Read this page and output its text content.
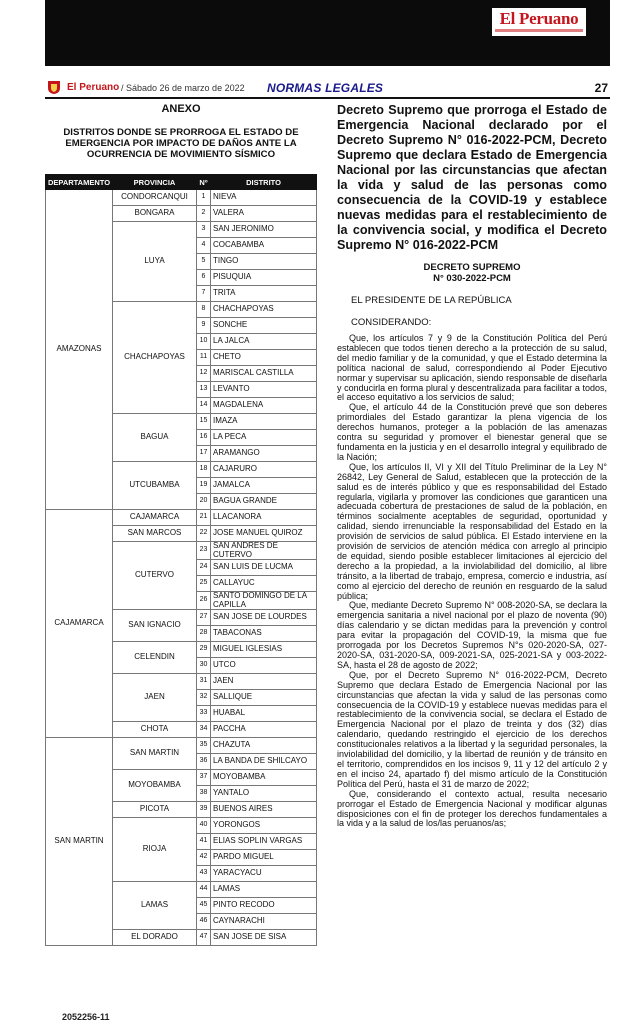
El Peruano
El Peruano / Sábado 26 de marzo de 2022 NORMAS LEGALES	27
ANEXO
DISTRITOS DONDE SE PRORROGA EL ESTADO DE EMERGENCIA POR IMPACTO DE DAÑOS ANTE LA OCURRENCIA DE MOVIMIENTO SÍSMICO
DEPARTAMENTO	PROVINCIA	Nº	DISTRITO
AMAZONAS	CONDORCANQUI	1	NIEVA
	BONGARA	2	VALERA
	LUYA	3	SAN JERONIMO
		4	COCABAMBA
		5	TINGO
		6	PISUQUIA
		7	TRITA
	CHACHAPOYAS	8	CHACHAPOYAS
		9	SONCHE
		10	LA JALCA
		11	CHETO
		12	MARISCAL CASTILLA
		13	LEVANTO
		14	MAGDALENA
	BAGUA	15	IMAZA
		16	LA PECA
		17	ARAMANGO
	UTCUBAMBA	18	CAJARURO
		19	JAMALCA
		20	BAGUA GRANDE
CAJAMARCA	CAJAMARCA	21	LLACANORA
	SAN MARCOS	22	JOSE MANUEL QUIROZ
	CUTERVO	23	SAN ANDRES DE CUTERVO
		24	SAN LUIS DE LUCMA
		25	CALLAYUC
		26	SANTO DOMINGO DE LA CAPILLA
	SAN IGNACIO	27	SAN JOSE DE LOURDES
		28	TABACONAS
	CELENDIN	29	MIGUEL IGLESIAS
		30	UTCO
	JAEN	31	JAEN
		32	SALLIQUE
		33	HUABAL
	CHOTA	34	PACCHA
SAN MARTIN	SAN MARTIN	35	CHAZUTA
		36	LA BANDA DE SHILCAYO
	MOYOBAMBA	37	MOYOBAMBA
		38	YANTALO
	PICOTA	39	BUENOS AIRES
	RIOJA	40	YORONGOS
		41	ELIAS SOPLIN VARGAS
		42	PARDO MIGUEL
		43	YARACYACU
	LAMAS	44	LAMAS
		45	PINTO RECODO
		46	CAYNARACHI
	EL DORADO	47	SAN JOSE DE SISA
2052256-11

Decreto Supremo que prorroga el Estado de Emergencia Nacional declarado por el Decreto Supremo N° 016-2022-PCM, Decreto Supremo que declara Estado de Emergencia Nacional por las circunstancias que afectan la vida y salud de las personas como consecuencia de la COVID-19 y establece nuevas medidas para el restablecimiento de la convivencia social, y modifica el Decreto Supremo N° 016-2022-PCM

DECRETO SUPREMO
N° 030-2022-PCM
EL PRESIDENTE DE LA REPÚBLICA
CONSIDERANDO:

Que, los artículos 7 y 9 de la Constitución Política del Perú establecen que todos tienen derecho a la protección de su salud, del medio familiar y de la comunidad, y que el Estado determina la política nacional de salud, correspondiendo al Poder Ejecutivo normar y supervisar su aplicación, siendo responsable de diseñarla y conducirla en forma plural y descentralizada para facilitar a todos, el acceso equitativo a los servicios de salud;

Que, el artículo 44 de la Constitución prevé que son deberes primordiales del Estado garantizar la plena vigencia de los derechos humanos, proteger a la población de las amenazas contra su seguridad y promover el bienestar general que se fundamenta en la justicia y en el desarrollo integral y equilibrado de la Nación;

Que, los artículos II, VI y XII del Título Preliminar de la Ley N° 26842, Ley General de Salud, establecen que la protección de la salud es de interés público y que es responsabilidad del Estado regularla, vigilarla y promover las condiciones que garanticen una adecuada cobertura de prestaciones de salud de la población, en términos socialmente aceptables de seguridad, oportunidad y calidad, siendo irrenunciable la responsabilidad del Estado en la provisión de servicios de salud pública. El Estado interviene en la provisión de servicios de atención médica con arreglo al principio de equidad, siendo posible establecer limitaciones al ejercicio del derecho a la propiedad, a la inviolabilidad del domicilio, al libre tránsito, a la libertad de trabajo, empresa, comercio e industria, así como al ejercicio del derecho de reunión en resguardo de la salud pública;

Que, mediante Decreto Supremo N° 008-2020-SA, se declara la emergencia sanitaria a nivel nacional por el plazo de noventa (90) días calendario y se dictan medidas para la prevención y control para evitar la propagación del COVID-19, la misma que fue prorrogada por los Decretos Supremos N°s 020-2020-SA, 027-2020-SA, 031-2020-SA, 009-2021-SA, 025-2021-SA y 003-2022-SA, hasta el 28 de agosto de 2022;

Que, por el Decreto Supremo N° 016-2022-PCM, Decreto Supremo que declara Estado de Emergencia Nacional por las circunstancias que afectan la vida y salud de las personas como consecuencia de la COVID-19 y establece nuevas medidas para el restablecimiento de la convivencia social, se declara el Estado de Emergencia Nacional por el plazo de treinta y dos (32) días calendario, quedando restringido el ejercicio de los derechos constitucionales relativos a la libertad y la seguridad personales, la inviolabilidad del domicilio, y la libertad de reunión y de tránsito en el territorio, comprendidos en los incisos 9, 11 y 12 del artículo 2 y en el inciso 24, apartado f) del mismo artículo de la Constitución Política del Perú, hasta el 31 de marzo de 2022;

Que, considerando el contexto actual, resulta necesario prorrogar el Estado de Emergencia Nacional y modificar algunas disposiciones con el fin de proteger los derechos fundamentales a la vida y a la salud de los/las peruanos/as;
